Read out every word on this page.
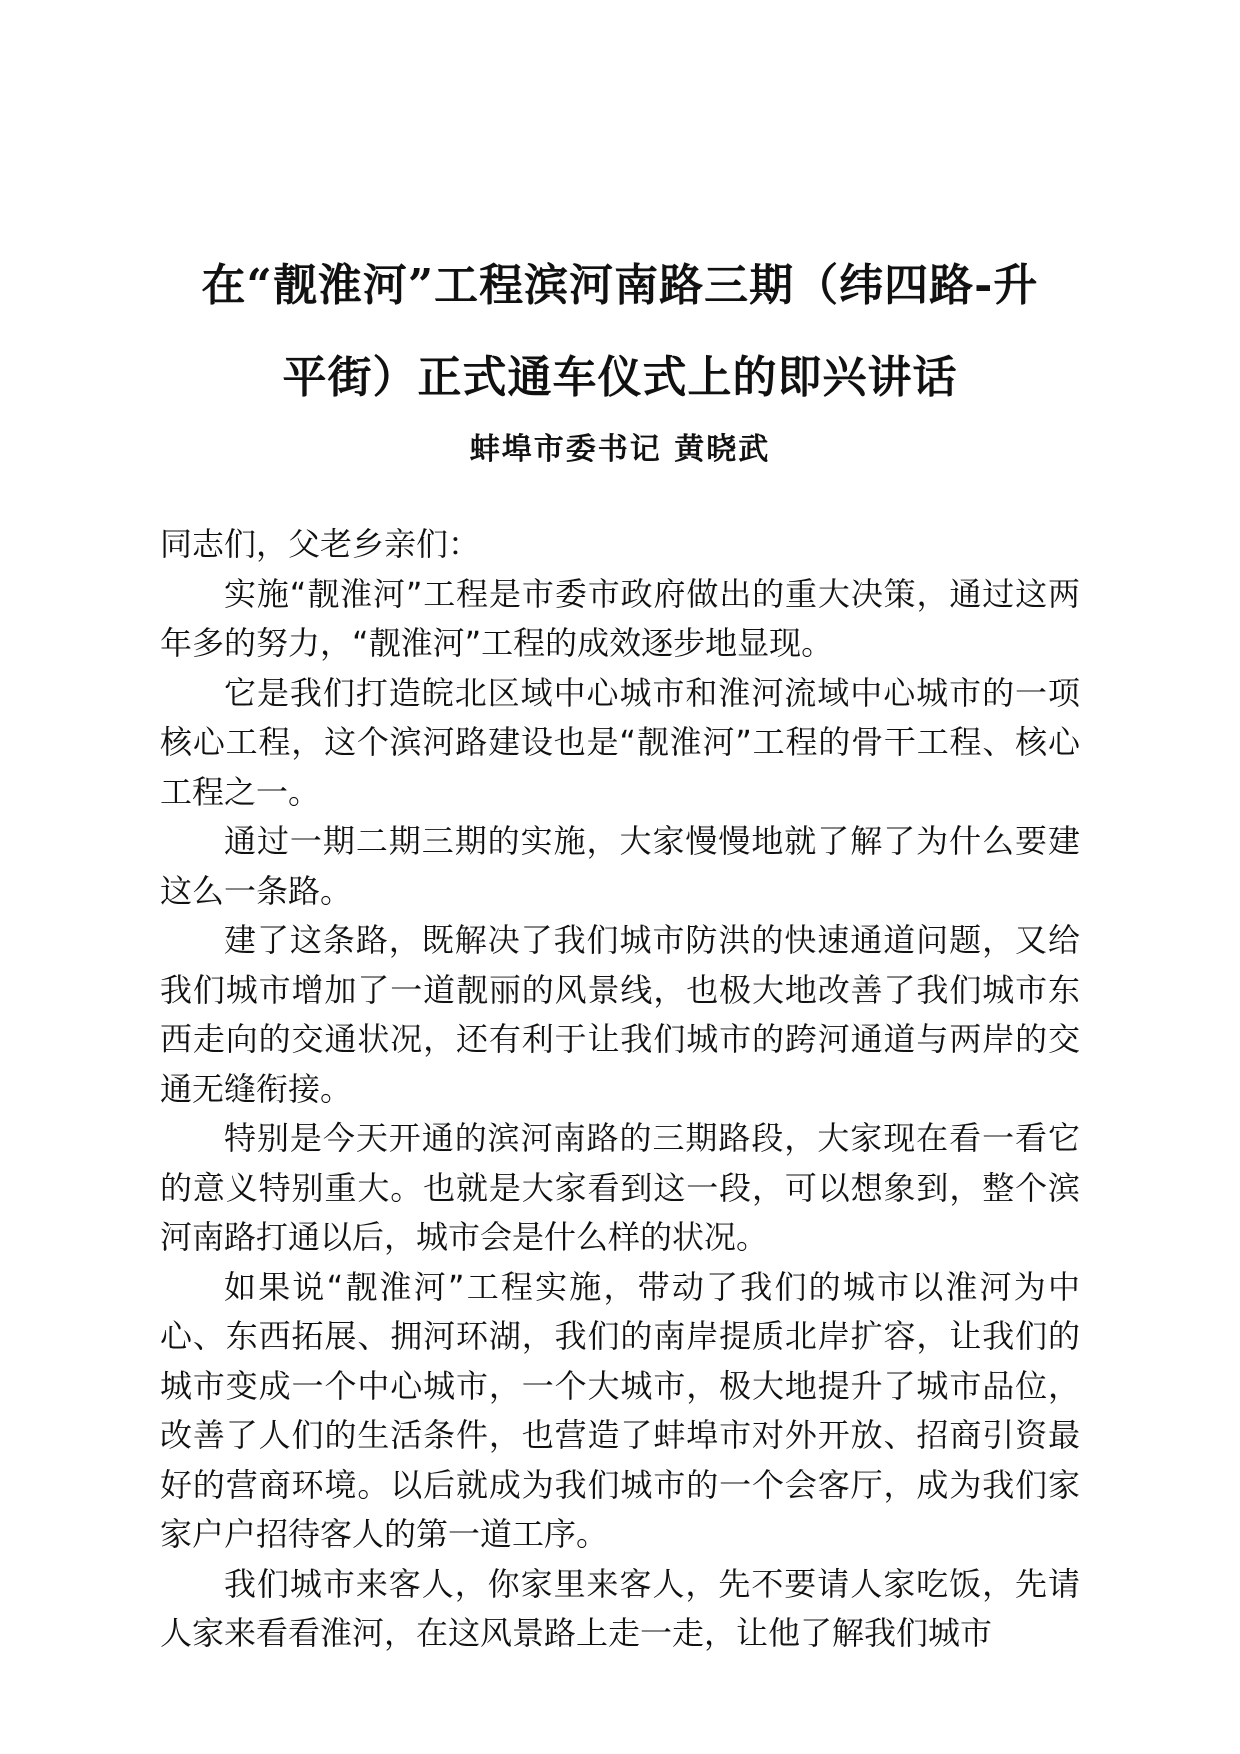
在“靓淮河”工程滨河南路三期（纬四路-升
平街）正式通车仪式上的即兴讲话
蚌埠市委书记 黄晓武

同志们，父老乡亲们：

实施“靓淮河”工程是市委市政府做出的重大决策，通过这两年多的努力，“靓淮河”工程的成效逐步地显现。

它是我们打造皖北区域中心城市和淮河流域中心城市的一项核心工程，这个滨河路建设也是“靓淮河”工程的骨干工程、核心工程之一。

通过一期二期三期的实施，大家慢慢地就了解了为什么要建这么一条路。

建了这条路，既解决了我们城市防洪的快速通道问题，又给我们城市增加了一道靓丽的风景线，也极大地改善了我们城市东西走向的交通状况，还有利于让我们城市的跨河通道与两岸的交通无缝衔接。

特别是今天开通的滨河南路的三期路段，大家现在看一看它的意义特别重大。也就是大家看到这一段，可以想象到，整个滨河南路打通以后，城市会是什么样的状况。

如果说“靓淮河”工程实施，带动了我们的城市以淮河为中心、东西拓展、拥河环湖，我们的南岸提质北岸扩容，让我们的城市变成一个中心城市，一个大城市，极大地提升了城市品位，改善了人们的生活条件，也营造了蚌埠市对外开放、招商引资最好的营商环境。以后就成为我们城市的一个会客厅，成为我们家家户户招待客人的第一道工序。

我们城市来客人，你家里来客人，先不要请人家吃饭，先请人家来看看淮河，在这风景路上走一走，让他了解我们城市
